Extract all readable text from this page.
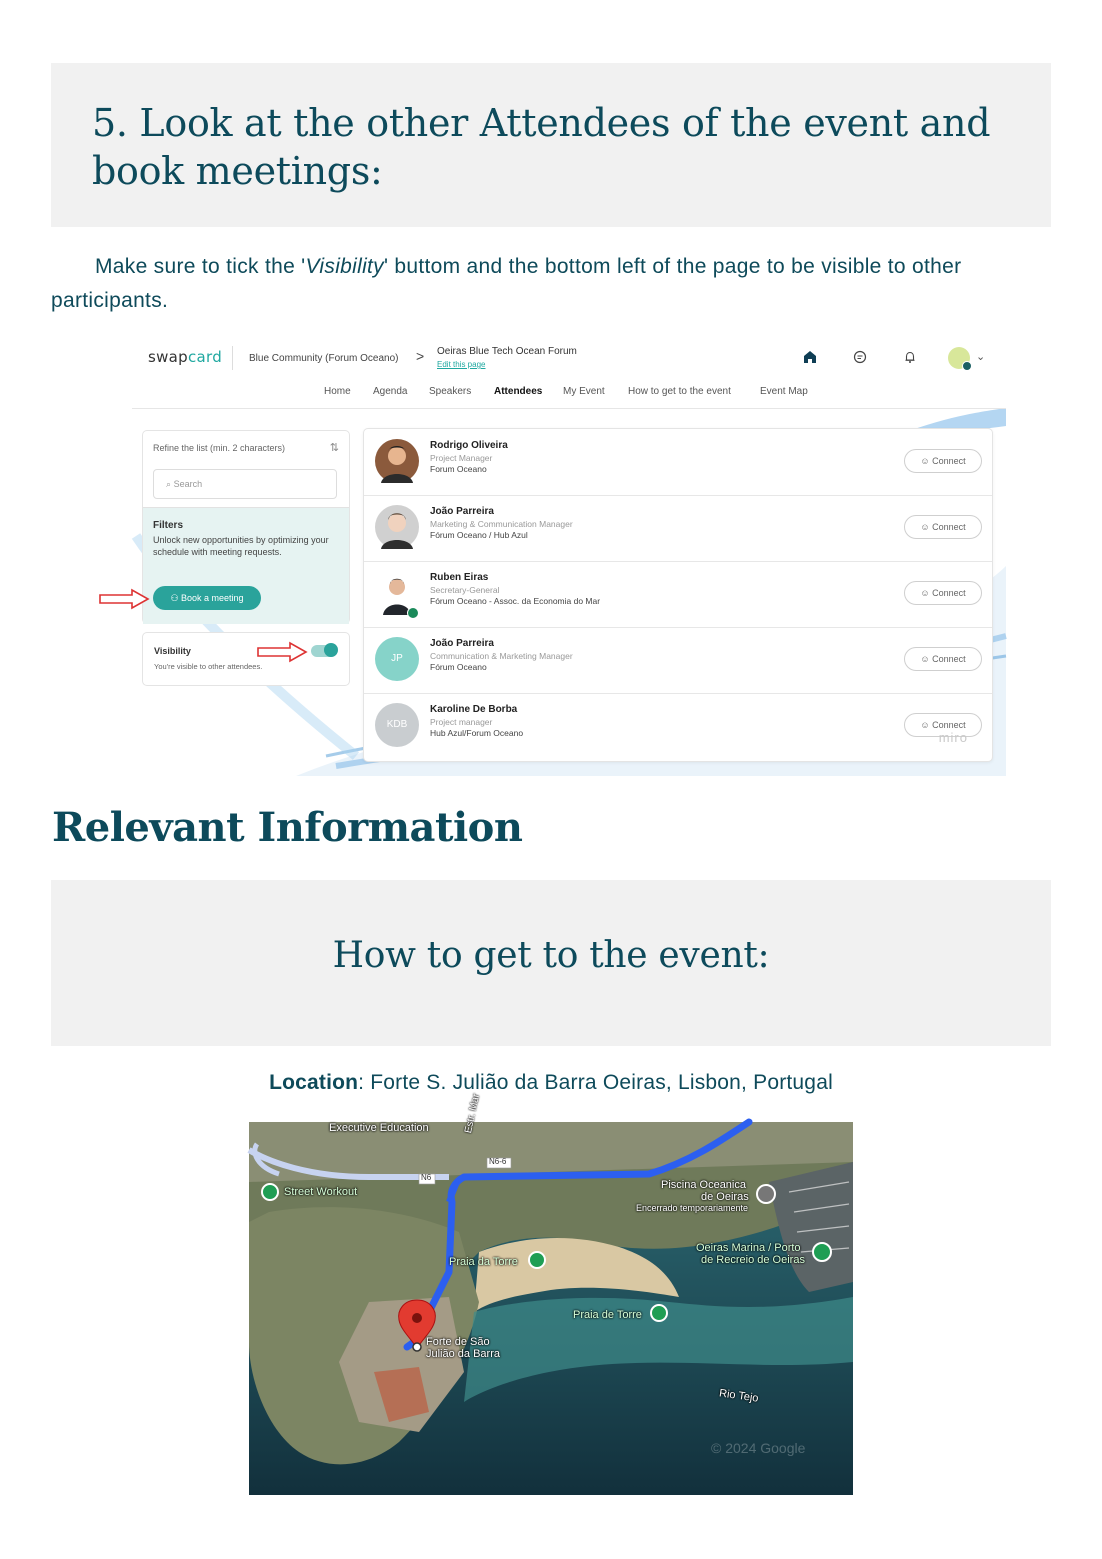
5. Look at the other Attendees of the event and book meetings:

Make sure to tick the 'Visibility' buttom and the bottom left of the page to be visible to other participants.

swapcard	Blue Community (Forum Oceano) > Oeiras Blue Tech Ocean Forum
Edit this page
⌄
Home Agenda Speakers Attendees My Event How to get to the event	Event Map
Refine the list (min. 2 characters)	⇅
⌕ Search
Filters
Unlock new opportunities by optimizing your schedule with meeting requests.
⚇ Book a meeting
Visibility
You're visible to other attendees.
Rodrigo Oliveira
Project Manager
Forum Oceano
☺ Connect
João Parreira
Marketing & Communication Manager
Fórum Oceano / Hub Azul
☺ Connect
Ruben Eiras
Secretary-General
Fórum Oceano - Assoc. da Economia do Mar
☺ Connect
JP
João Parreira
Communication & Marketing Manager
Fórum Oceano
☺ Connect
KDB
Karoline De Borba
Project manager
Hub Azul/Forum Oceano
☺ Connect
miro
Relevant Information
How to get to the event:

Location: Forte S. Julião da Barra Oeiras, Lisbon, Portugal

Executive Education	Estr. Mar
N6
N6-6
Street Workout
Piscina Oceanica
de Oeiras
Encerrado temporariamente
Oeiras Marina / Porto
de Recreio de Oeiras
Praia da Torre
Praia de Torre
Forte de São
Julião da Barra
Rio Tejo
© 2024 Google
